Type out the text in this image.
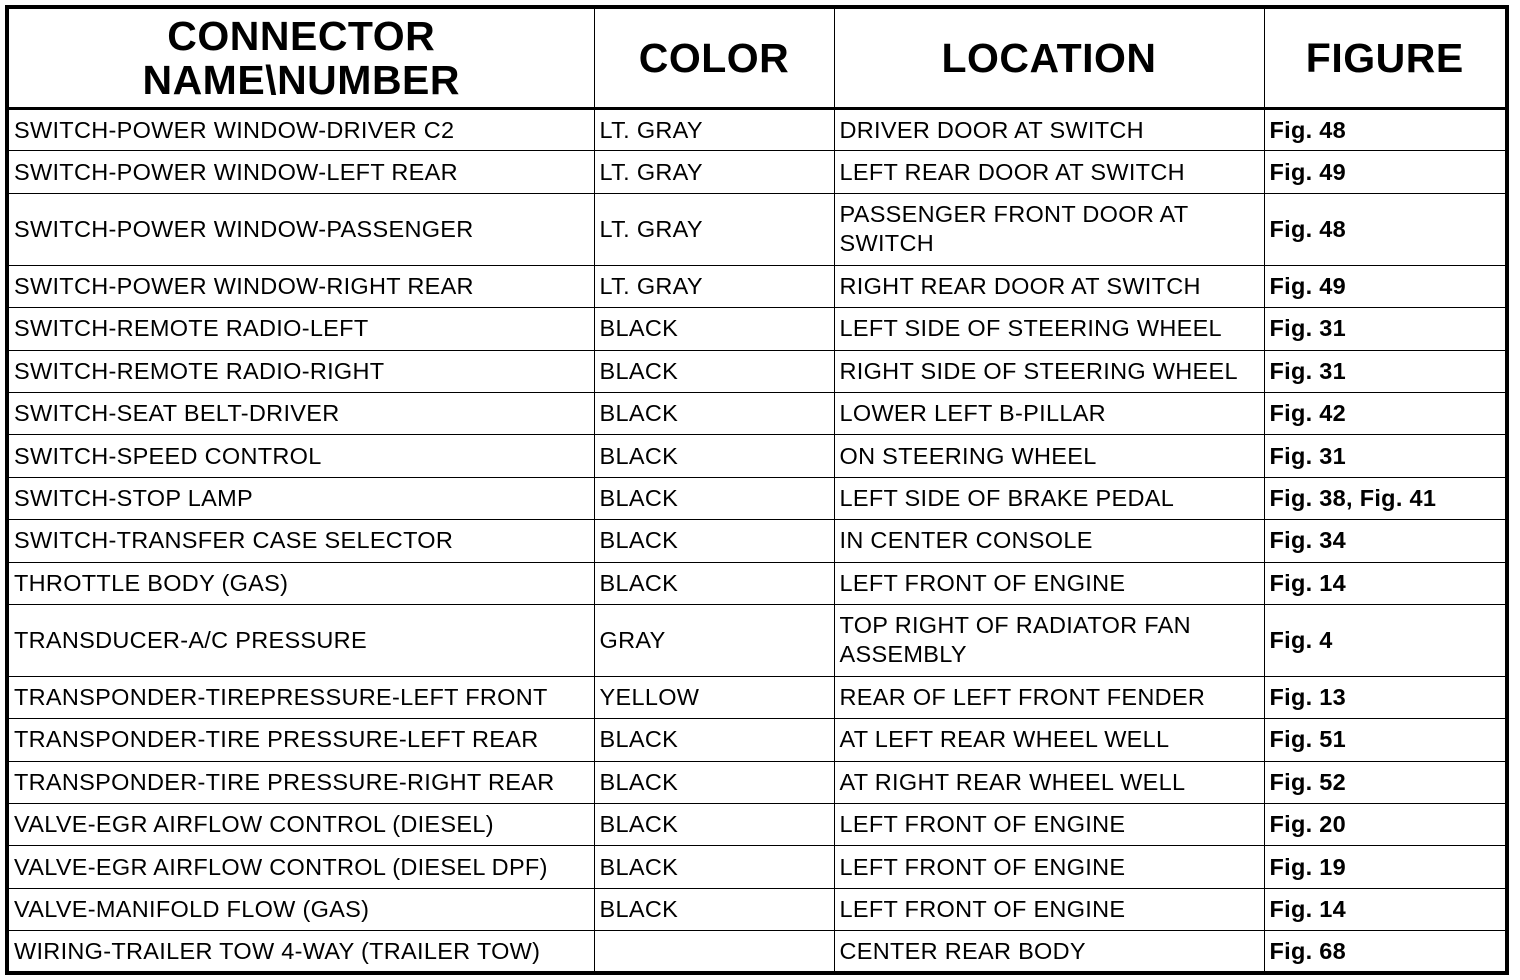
CONNECTOR
NAME\NUMBER	COLOR	LOCATION	FIGURE
SWITCH-POWER WINDOW-DRIVER C2	LT. GRAY	DRIVER DOOR AT SWITCH	Fig. 48
SWITCH-POWER WINDOW-LEFT REAR	LT. GRAY	LEFT REAR DOOR AT SWITCH	Fig. 49
SWITCH-POWER WINDOW-PASSENGER	LT. GRAY	PASSENGER FRONT DOOR AT SWITCH	Fig. 48
SWITCH-POWER WINDOW-RIGHT REAR	LT. GRAY	RIGHT REAR DOOR AT SWITCH	Fig. 49
SWITCH-REMOTE RADIO-LEFT	BLACK	LEFT SIDE OF STEERING WHEEL	Fig. 31
SWITCH-REMOTE RADIO-RIGHT	BLACK	RIGHT SIDE OF STEERING WHEEL	Fig. 31
SWITCH-SEAT BELT-DRIVER	BLACK	LOWER LEFT B-PILLAR	Fig. 42
SWITCH-SPEED CONTROL	BLACK	ON STEERING WHEEL	Fig. 31
SWITCH-STOP LAMP	BLACK	LEFT SIDE OF BRAKE PEDAL	Fig. 38, Fig. 41
SWITCH-TRANSFER CASE SELECTOR	BLACK	IN CENTER CONSOLE	Fig. 34
THROTTLE BODY (GAS)	BLACK	LEFT FRONT OF ENGINE	Fig. 14
TRANSDUCER-A/C PRESSURE	GRAY	TOP RIGHT OF RADIATOR FAN ASSEMBLY	Fig. 4
TRANSPONDER-TIREPRESSURE-LEFT FRONT	YELLOW	REAR OF LEFT FRONT FENDER	Fig. 13
TRANSPONDER-TIRE PRESSURE-LEFT REAR	BLACK	AT LEFT REAR WHEEL WELL	Fig. 51
TRANSPONDER-TIRE PRESSURE-RIGHT REAR	BLACK	AT RIGHT REAR WHEEL WELL	Fig. 52
VALVE-EGR AIRFLOW CONTROL (DIESEL)	BLACK	LEFT FRONT OF ENGINE	Fig. 20
VALVE-EGR AIRFLOW CONTROL (DIESEL DPF)	BLACK	LEFT FRONT OF ENGINE	Fig. 19
VALVE-MANIFOLD FLOW (GAS)	BLACK	LEFT FRONT OF ENGINE	Fig. 14
WIRING-TRAILER TOW 4-WAY (TRAILER TOW)		CENTER REAR BODY	Fig. 68
